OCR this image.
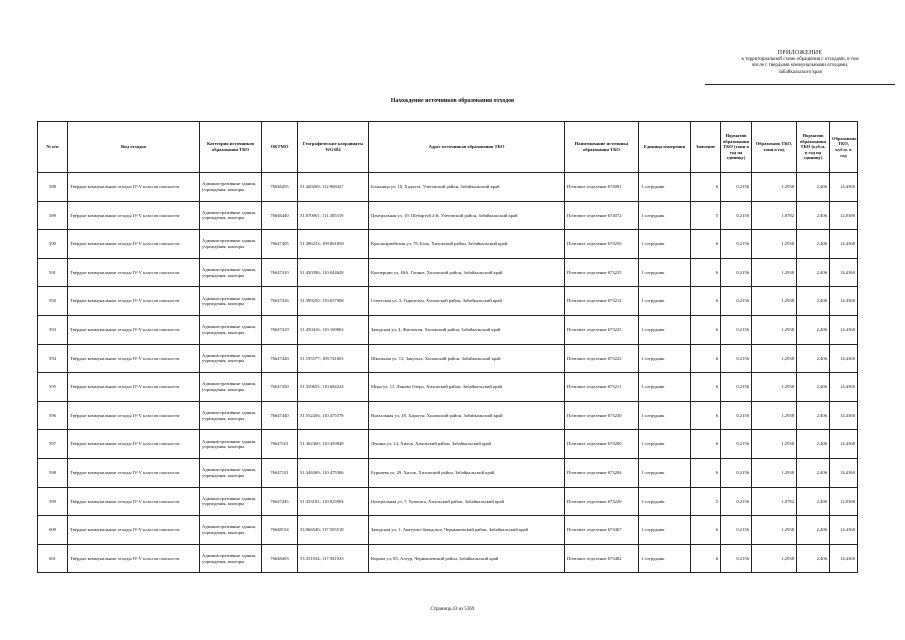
ПРИЛОЖЕНИЕ
к территориальной схеме обращения с отходами, в том
числе с твердыми коммунальными отходами,
Забайкальского края
Нахождение источников образования отходов
№ п/п	Вид отходов	Категория источников образования ТКО	ОКТМО	Географические координаты WGS84	Адрес источников образования ТКО	Наименование источника образования ТКО	Единица измерения	Значение	Норматив образования ТКО (тонн в год на единицу)	Образовано ТКО, тонн в год	Норматив образования ТКО (куб.м. в год на единицу)	Образовано ТКО, куб.м. в год
588	Твёрдые коммунальные отходы IV-V классов опасности	Административные здания, учреждения, конторы	76646455	51.420269; 112.968427	Больница ул, 10, Хадахта, Улётовский район, Забайкальский край	Почтовое отделение 674081	1 сотрудник	6	0,2156	1,2938	2,406	14,4360
589	Твёрдые коммунальные отходы IV-V классов опасности	Административные здания, учреждения, конторы	76646440	51.070061; 111.385319	Центральная ул, 19, Шебартуй 2-й, Улётовский район, Забайкальский край	Почтовое отделение 674072	1 сотрудник	5	0,2156	1,0782	2,406	12,0300
590	Твёрдые коммунальные отходы IV-V классов опасности	Административные здания, учреждения, конторы	76647405	51.386233; 109.861830	Красноармейская ул, 78, Баль, Хилокский район, Забайкальский край	Почтовое отделение 673250	1 сотрудник	6	0,2156	1,2938	2,406	14,4360
591	Твёрдые коммунальные отходы IV-V классов опасности	Административные здания, учреждения, конторы	76647410	51.450396; 110.044628	Кооперции ул, 46А, Глинка, Хилокский район, Забайкальский край	Почтовое отделение 673235	1 сотрудник	6	0,2156	1,2938	2,406	14,4360
592	Твёрдые коммунальные отходы IV-V классов опасности	Административные здания, учреждения, конторы	76647416	51.399250; 110.657908	Советская ул, 3, Гыршелун, Хилокский район, Забайкальский край	Почтовое отделение 673212	1 сотрудник	6	0,2156	1,2938	2,406	14,4360
593	Твёрдые коммунальные отходы IV-V классов опасности	Административные здания, учреждения, конторы	76647419	51.450416; 110.169863	Заводская ул, 4, Жипхеген, Хилокский район, Забайкальский край	Почтовое отделение 673225	1 сотрудник	6	0,2156	1,2938	2,406	14,4360
594	Твёрдые коммунальные отходы IV-V классов опасности	Административные здания, учреждения, конторы	76647420	51.195577; 109.741681	Школьная ул, 13, Закульта, Хилокский район, Забайкальский край	Почтовое отделение 673222	1 сотрудник	6	0,2156	1,2938	2,406	14,4360
595	Твёрдые коммунальные отходы IV-V классов опасности	Административные здания, учреждения, конторы	76647430	51.359655; 110.684224	Мира ул, 11, Линево Озеро, Хилокский район, Забайкальский край	Почтовое отделение 673211	1 сотрудник	6	0,2156	1,2938	2,406	14,4360
596	Твёрдые коммунальные отходы IV-V классов опасности	Административные здания, учреждения, конторы	76647440	51.552456; 110.475578	Вокзальная ул, 18, Харагун, Хилокский район, Забайкальский край	Почтовое отделение 673230	1 сотрудник	6	0,2156	1,2938	2,406	14,4360
597	Твёрдые коммунальные отходы IV-V классов опасности	Административные здания, учреждения, конторы	76647101	51.362360; 110.459848	Ленина ул, 14, Хилок, Хилокский район, Забайкальский край	Почтовое отделение 673200	1 сотрудник	6	0,2156	1,2938	2,406	14,4360
598	Твёрдые коммунальные отходы IV-V классов опасности	Административные здания, учреждения, конторы	76647101	51.346369; 110.475306	Бурнаева ул, 29, Хилок, Хилокский район, Забайкальский край	Почтовое отделение 673204	1 сотрудник	6	0,2156	1,2938	2,406	14,4360
599	Твёрдые коммунальные отходы IV-V классов опасности	Административные здания, учреждения, конторы	76647445	51.433181; 110.925904	Центральная ул, 7, Хушенга, Хилокский район, Забайкальский край	Почтовое отделение 673220	1 сотрудник	5	0,2156	1,0782	2,406	12,0300
600	Твёрдые коммунальные отходы IV-V классов опасности	Административные здания, учреждения, конторы	76648154	53.066540; 117.505518	Заводская ул, 1, Акатуево-Заводское, Чернышевский район, Забайкальский край	Почтовое отделение 673467	1 сотрудник	6	0,2156	1,2938	2,406	14,4360
601	Твёрдые коммунальные отходы IV-V классов опасности	Административные здания, учреждения, конторы	76648403	53.351034; 117.941033	Кирова ул, 83, Алеур, Чернышевский район, Забайкальский край	Почтовое отделение 673482	1 сотрудник	6	0,2156	1,2938	2,406	14,4360
Страница 43 из 5369
